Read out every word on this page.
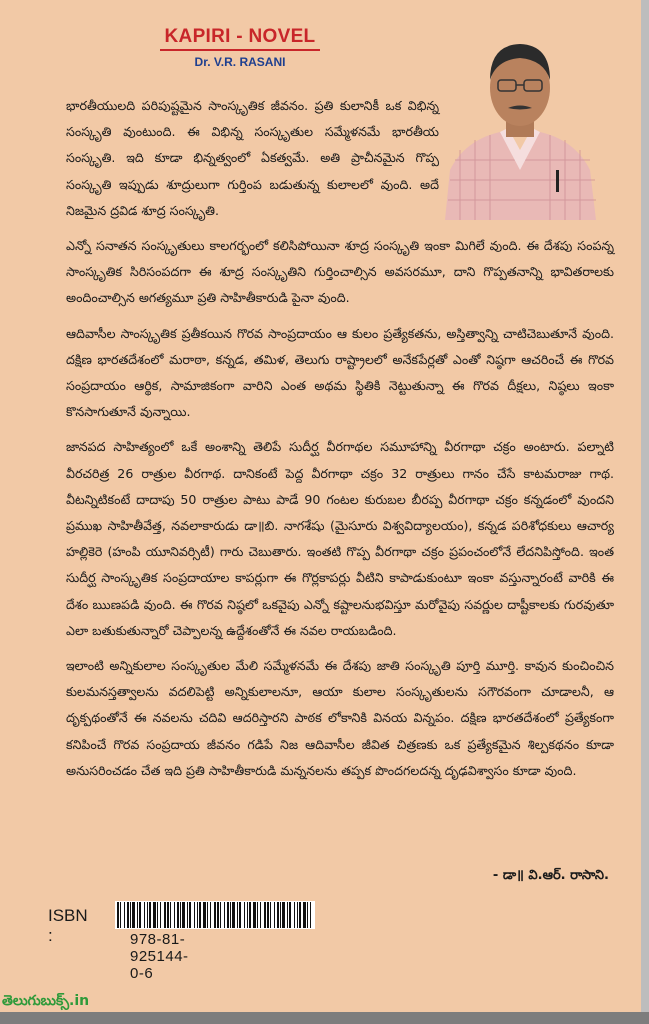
KAPIRI - NOVEL
Dr. V.R. RASANI

భారతీయులది పరిపుష్టమైన సాంస్కృతిక జీవనం. ప్రతి కులానికీ ఒక విభిన్న సంస్కృతి వుంటుంది. ఈ విభిన్న సంస్కృతుల సమ్మేళనమే భారతీయ సంస్కృతి. ఇది కూడా భిన్నత్వంలో ఏకత్వమే. అతి ప్రాచీనమైన గొప్ప సంస్కృతి ఇప్పుడు శూద్రులుగా గుర్తింప బడుతున్న కులాలలో వుంది. అదే నిజమైన ద్రవిడ శూద్ర సంస్కృతి.

ఎన్నో సనాతన సంస్కృతులు కాలగర్భంలో కలిసిపోయినా శూద్ర సంస్కృతి ఇంకా మిగిలే వుంది. ఈ దేశపు సంపన్న సాంస్కృతిక సిరిసంపదగా ఈ శూద్ర సంస్కృతిని గుర్తించాల్సిన అవసరమూ, దాని గొప్పతనాన్ని భావితరాలకు అందించాల్సిన అగత్యమూ ప్రతి సాహితీకారుడి పైనా వుంది.

ఆదివాసీల సాంస్కృతిక ప్రతీకయిన గొరవ సాంప్రదాయం ఆ కులం ప్రత్యేకతను, అస్తిత్వాన్ని చాటిచెబుతూనే వుంది. దక్షిణ భారతదేశంలో మరాఠా, కన్నడ, తమిళ, తెలుగు రాష్ట్రాలలో అనేకపేర్లతో ఎంతో నిష్ఠగా ఆచరించే ఈ గొరవ సంప్రదాయం ఆర్థిక, సామాజికంగా వారిని ఎంత అథమ స్థితికి నెట్టుతున్నా ఈ గొరవ దీక్షలు, నిష్ఠలు ఇంకా కొనసాగుతూనే వున్నాయి.

జానపద సాహిత్యంలో ఒకే అంశాన్ని తెలిపే సుదీర్ఘ వీరగాథల సమూహాన్ని వీరగాథా చక్రం అంటారు. పల్నాటి వీరచరిత్ర 26 రాత్రుల వీరగాథ. దానికంటే పెద్ద వీరగాథా చక్రం 32 రాత్రులు గానం చేసే కాటమరాజు గాథ. వీటన్నిటికంటే దాదాపు 50 రాత్రుల పాటు పాడే 90 గంటల కురుబల బీరప్ప వీరగాథా చక్రం కన్నడంలో వుందని ప్రముఖ సాహితీవేత్త, నవలాకారుడు డా॥బి. నాగశేషు (మైసూరు విశ్వవిద్యాలయం), కన్నడ పరిశోధకులు ఆచార్య హల్లికెరె (హంపి యూనివర్సిటీ) గారు చెబుతారు. ఇంతటి గొప్ప వీరగాథా చక్రం ప్రపంచంలోనే లేదనిపిస్తోంది. ఇంత సుదీర్ఘ సాంస్కృతిక సంప్రదాయాల కాపర్లుగా ఈ గొర్లకాపర్లు వీటిని కాపాడుకుంటూ ఇంకా వస్తున్నారంటే వారికి ఈ దేశం ఋణపడి వుంది. ఈ గొరవ నిష్ఠలో ఒకవైపు ఎన్నో కష్టాలనుభవిస్తూ మరోవైపు సవర్ణుల దాష్టీకాలకు గురవుతూ ఎలా బతుకుతున్నారో చెప్పాలన్న ఉద్దేశంతోనే ఈ నవల రాయబడింది.

ఇలాంటి అన్నికులాల సంస్కృతుల మేలి సమ్మేళనమే ఈ దేశపు జాతి సంస్కృతి పూర్తి మూర్తి. కావున కుంచించిన కులమనస్తత్వాలను వదలిపెట్టి అన్నికులాలనూ, ఆయా కులాల సంస్కృతులను సగౌరవంగా చూడాలనీ, ఆ దృక్పథంతోనే ఈ నవలను చదివి ఆదరిస్తారని పాఠక లోకానికి వినయ విన్నపం. దక్షిణ భారతదేశంలో ప్రత్యేకంగా కనిపించే గొరవ సంప్రదాయ జీవనం గడిపే నిజ ఆదివాసీల జీవిత చిత్రణకు ఒక ప్రత్యేకమైన శిల్పకథనం కూడా అనుసరించడం చేత ఇది ప్రతి సాహితీకారుడి మన్ననలను తప్పక పొందగలదన్న దృఢవిశ్వాసం కూడా వుంది.

- డా॥ వి.ఆర్. రాసాని.
ISBN :	978-81-925144-0-6
తెలుగుబుక్స్.in
